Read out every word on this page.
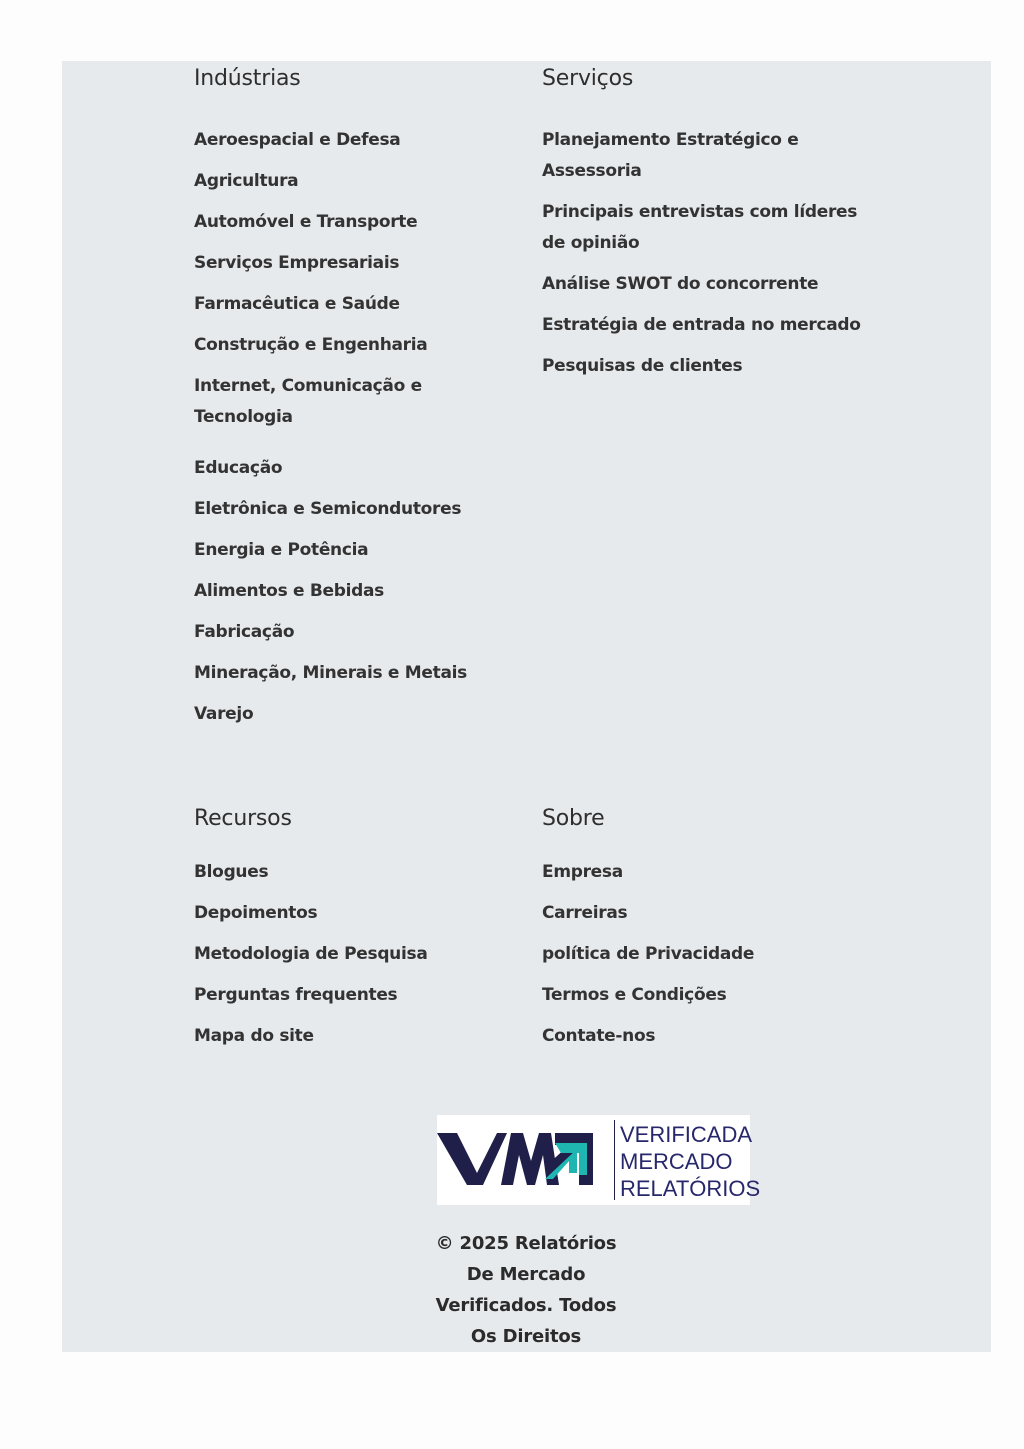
Indústrias
Aeroespacial e Defesa
Agricultura
Automóvel e Transporte
Serviços Empresariais
Farmacêutica e Saúde
Construção e Engenharia
Internet, Comunicação e Tecnologia
Educação
Eletrônica e Semicondutores
Energia e Potência
Alimentos e Bebidas
Fabricação
Mineração, Minerais e Metais
Varejo
Serviços
Planejamento Estratégico e Assessoria
Principais entrevistas com líderes de opinião
Análise SWOT do concorrente
Estratégia de entrada no mercado
Pesquisas de clientes
Recursos
Blogues
Depoimentos
Metodologia de Pesquisa
Perguntas frequentes
Mapa do site
Sobre
Empresa
Carreiras
política de Privacidade
Termos e Condições
Contate-nos
VERIFICADA
MERCADO
RELATÓRIOS
© 2025 Relatórios De Mercado Verificados. Todos Os Direitos
